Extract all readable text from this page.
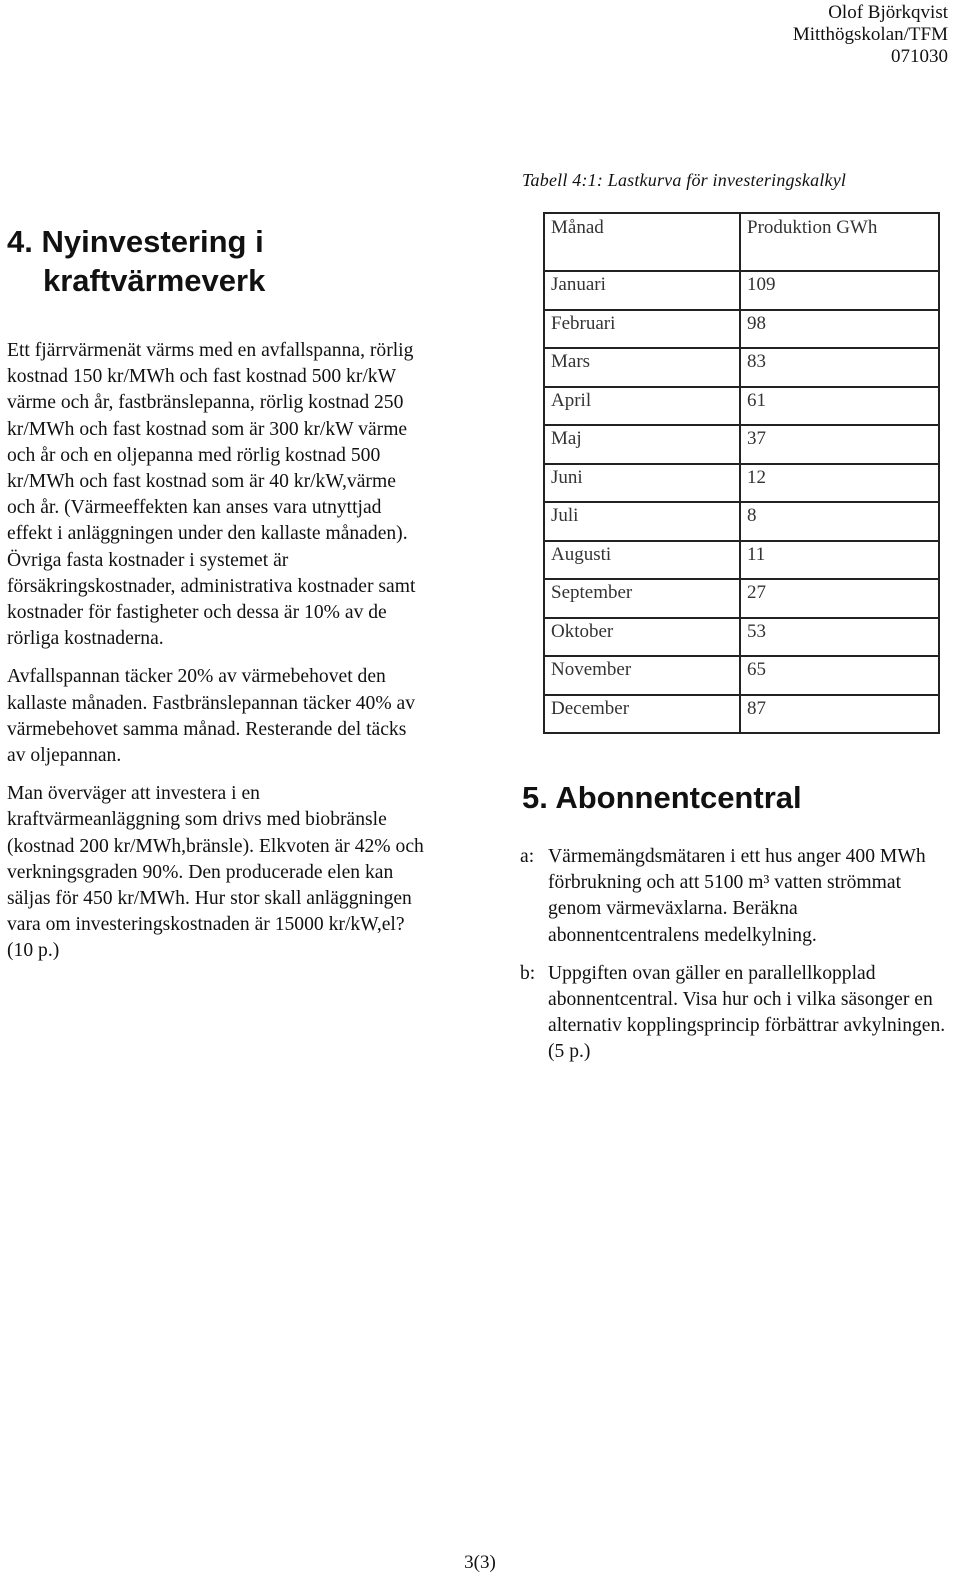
Olof Björkqvist
Mitthögskolan/TFM
071030
4. Nyinvestering i kraftvärmeverk

Ett fjärrvärmenät värms med en avfallspanna, rörlig kostnad 150 kr/MWh och fast kostnad 500 kr/kW värme och år, fastbränslepanna, rörlig kostnad 250 kr/MWh och fast kostnad som är 300 kr/kW värme och år och en oljepanna med rörlig kostnad 500 kr/MWh och fast kostnad som är 40 kr/kW,värme och år. (Värmeeffekten kan anses vara utnyttjad effekt i anläggningen under den kallaste månaden). Övriga fasta kostnader i systemet är försäkringskostnader, administrativa kostnader samt kostnader för fastigheter och dessa är 10% av de rörliga kostnaderna.

Avfallspannan täcker 20% av värmebehovet den kallaste månaden. Fastbränslepannan täcker 40% av värmebehovet samma månad. Resterande del täcks av oljepannan.

Man överväger att investera i en kraftvärmeanläggning som drivs med biobränsle (kostnad 200 kr/MWh,bränsle). Elkvoten är 42% och verkningsgraden 90%. Den producerade elen kan säljas för 450 kr/MWh. Hur stor skall anläggningen vara om investeringskostnaden är 15000 kr/kW,el? (10 p.)

Tabell 4:1: Lastkurva för investeringskalkyl
Månad	Produktion GWh
Januari	109
Februari	98
Mars	83
April	61
Maj	37
Juni	12
Juli	8
Augusti	11
September	27
Oktober	53
November	65
December	87
5. Abonnentcentral
a: Värmemängdsmätaren i ett hus anger 400 MWh förbrukning och att 5100 m³ vatten strömmat genom värmeväxlarna. Beräkna abonnentcentralens medelkylning.
b: Uppgiften ovan gäller en parallellkopplad abonnentcentral. Visa hur och i vilka säsonger en alternativ kopplingsprincip förbättrar avkylningen. (5 p.)
3(3)
